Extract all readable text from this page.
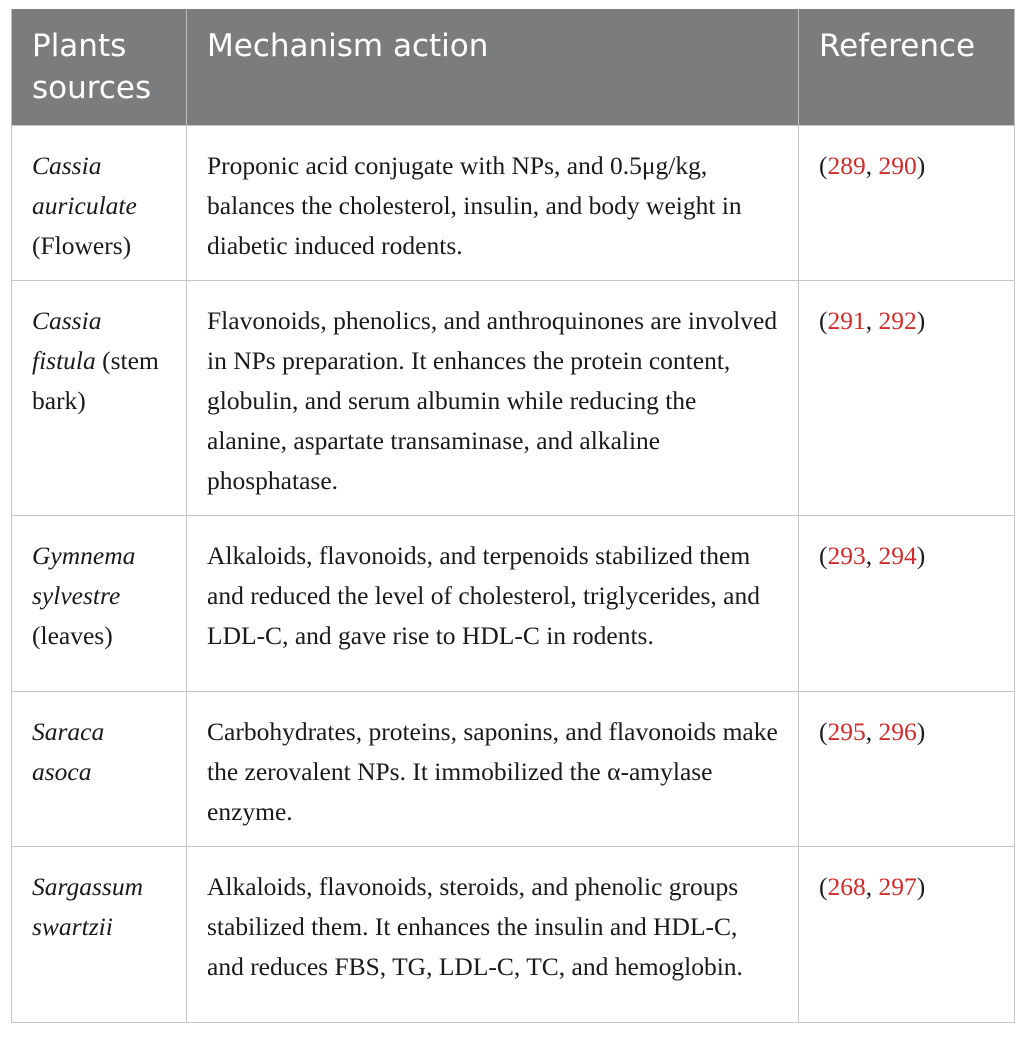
Plants sources	Mechanism action	Reference
Cassia auriculate (Flowers)	Proponic acid conjugate with NPs, and 0.5μg/kg, balances the cholesterol, insulin, and body weight in diabetic induced rodents.	(289, 290)
Cassia fistula (stem bark)	Flavonoids, phenolics, and anthroquinones are involved in NPs preparation. It enhances the protein content, globulin, and serum albumin while reducing the alanine, aspartate transaminase, and alkaline phosphatase.	(291, 292)
Gymnema sylvestre (leaves)	Alkaloids, flavonoids, and terpenoids stabilized them and reduced the level of cholesterol, triglycerides, and LDL-C, and gave rise to HDL-C in rodents.	(293, 294)
Saraca asoca	Carbohydrates, proteins, saponins, and flavonoids make the zerovalent NPs. It immobilized the α-amylase enzyme.	(295, 296)
Sargassum swartzii	Alkaloids, flavonoids, steroids, and phenolic groups stabilized them. It enhances the insulin and HDL-C, and reduces FBS, TG, LDL-C, TC, and hemoglobin.	(268, 297)
